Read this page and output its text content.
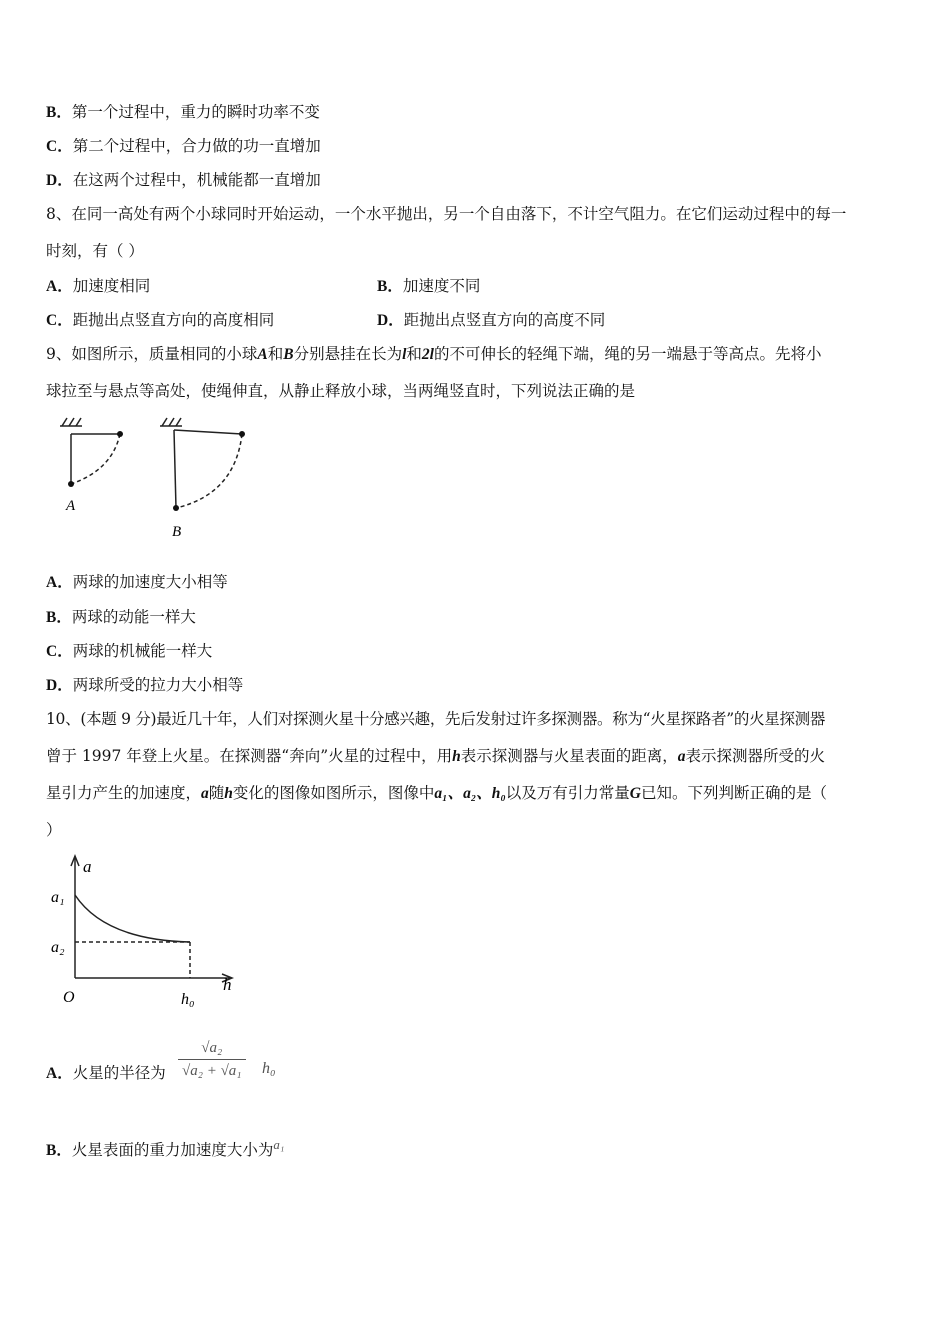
B．第一个过程中，重力的瞬时功率不变
C．第二个过程中，合力做的功一直增加
D．在这两个过程中，机械能都一直增加
8、在同一高处有两个小球同时开始运动，一个水平抛出，另一个自由落下，不计空气阻力。在它们运动过程中的每一
时刻，有（ ）
A．加速度相同	B．加速度不同
C．距抛出点竖直方向的高度相同	D．距抛出点竖直方向的高度不同
9、如图所示，质量相同的小球A和B分别悬挂在长为l和2l的不可伸长的轻绳下端，绳的另一端悬于等高点。先将小
球拉至与悬点等高处，使绳伸直，从静止释放小球，当两绳竖直时，下列说法正确的是
A
B
A．两球的加速度大小相等
B．两球的动能一样大
C．两球的机械能一样大
D．两球所受的拉力大小相等
10、(本题 9 分)最近几十年，人们对探测火星十分感兴趣，先后发射过许多探测器。称为“火星探路者”的火星探测器
曾于 1997 年登上火星。在探测器“奔向”火星的过程中，用h表示探测器与火星表面的距离，a表示探测器所受的火
星引力产生的加速度，a随h变化的图像如图所示，图像中a₁、a₂、h₀以及万有引力常量G已知。下列判断正确的是（
）
a
h
a₁
a₂
O	h₀
A．火星的半径为 $\frac{\text{√a₂}}{\text{√a₂ + √a₁}} h_0$
B．火星表面的重力加速度大小为$^{a_1}$
